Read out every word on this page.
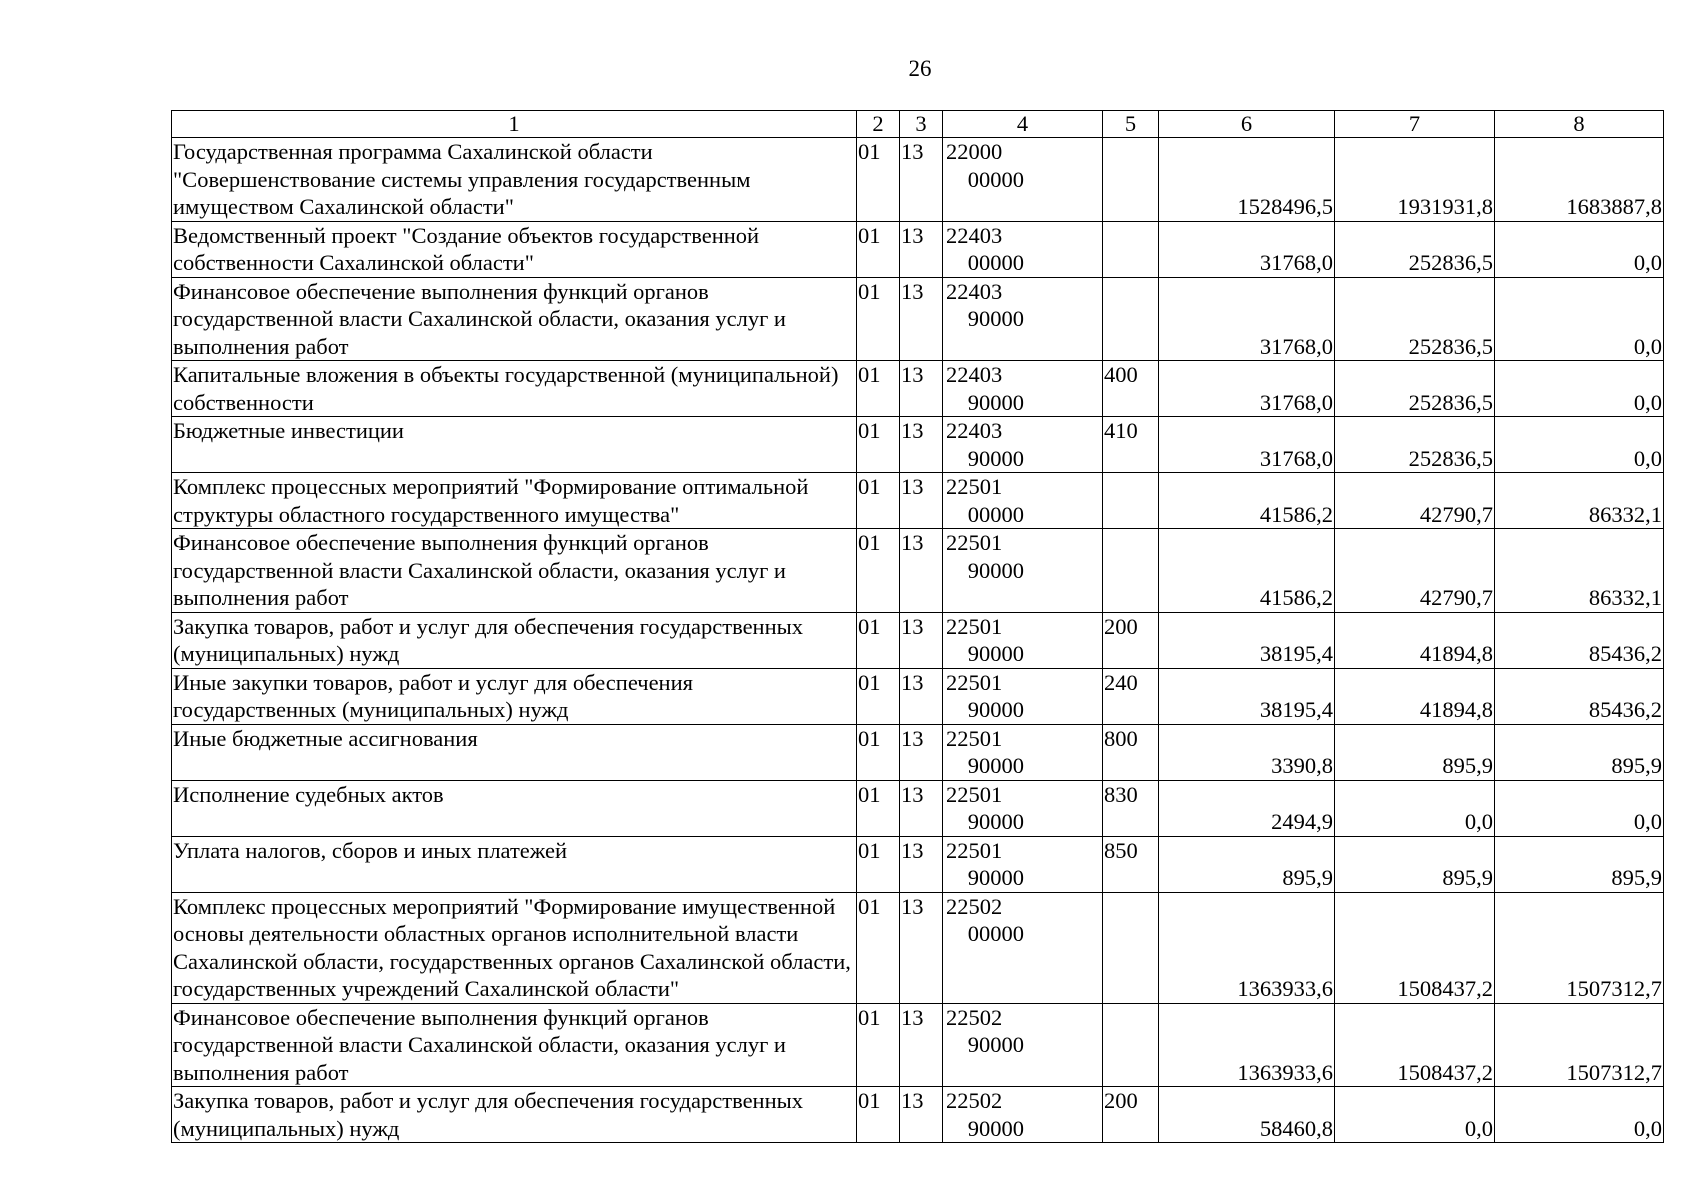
26
1	2	3	4	5	6	7	8
Государственная программа Сахалинской области "Совершенствование системы управления государственным имуществом Сахалинской области"	01	13	2200000000		1528496,5	1931931,8	1683887,8
Ведомственный проект "Создание объектов государственной собственности Сахалинской области"	01	13	2240300000		31768,0	252836,5	0,0
Финансовое обеспечение выполнения функций органов государственной власти Сахалинской области, оказания услуг и выполнения работ	01	13	2240390000		31768,0	252836,5	0,0
Капитальные вложения в объекты государственной (муниципальной) собственности	01	13	2240390000	400	31768,0	252836,5	0,0
Бюджетные инвестиции	01	13	2240390000	410	31768,0	252836,5	0,0
Комплекс процессных мероприятий "Формирование оптимальной структуры областного государственного имущества"	01	13	2250100000		41586,2	42790,7	86332,1
Финансовое обеспечение выполнения функций органов государственной власти Сахалинской области, оказания услуг и выполнения работ	01	13	2250190000		41586,2	42790,7	86332,1
Закупка товаров, работ и услуг для обеспечения государственных (муниципальных) нужд	01	13	2250190000	200	38195,4	41894,8	85436,2
Иные закупки товаров, работ и услуг для обеспечения государственных (муниципальных) нужд	01	13	2250190000	240	38195,4	41894,8	85436,2
Иные бюджетные ассигнования	01	13	2250190000	800	3390,8	895,9	895,9
Исполнение судебных актов	01	13	2250190000	830	2494,9	0,0	0,0
Уплата налогов, сборов и иных платежей	01	13	2250190000	850	895,9	895,9	895,9
Комплекс процессных мероприятий "Формирование имущественной основы деятельности областных органов исполнительной власти Сахалинской области, государственных органов Сахалинской области, государственных учреждений Сахалинской области"	01	13	2250200000		1363933,6	1508437,2	1507312,7
Финансовое обеспечение выполнения функций органов государственной власти Сахалинской области, оказания услуг и выполнения работ	01	13	2250290000		1363933,6	1508437,2	1507312,7
Закупка товаров, работ и услуг для обеспечения государственных (муниципальных) нужд	01	13	2250290000	200	58460,8	0,0	0,0
